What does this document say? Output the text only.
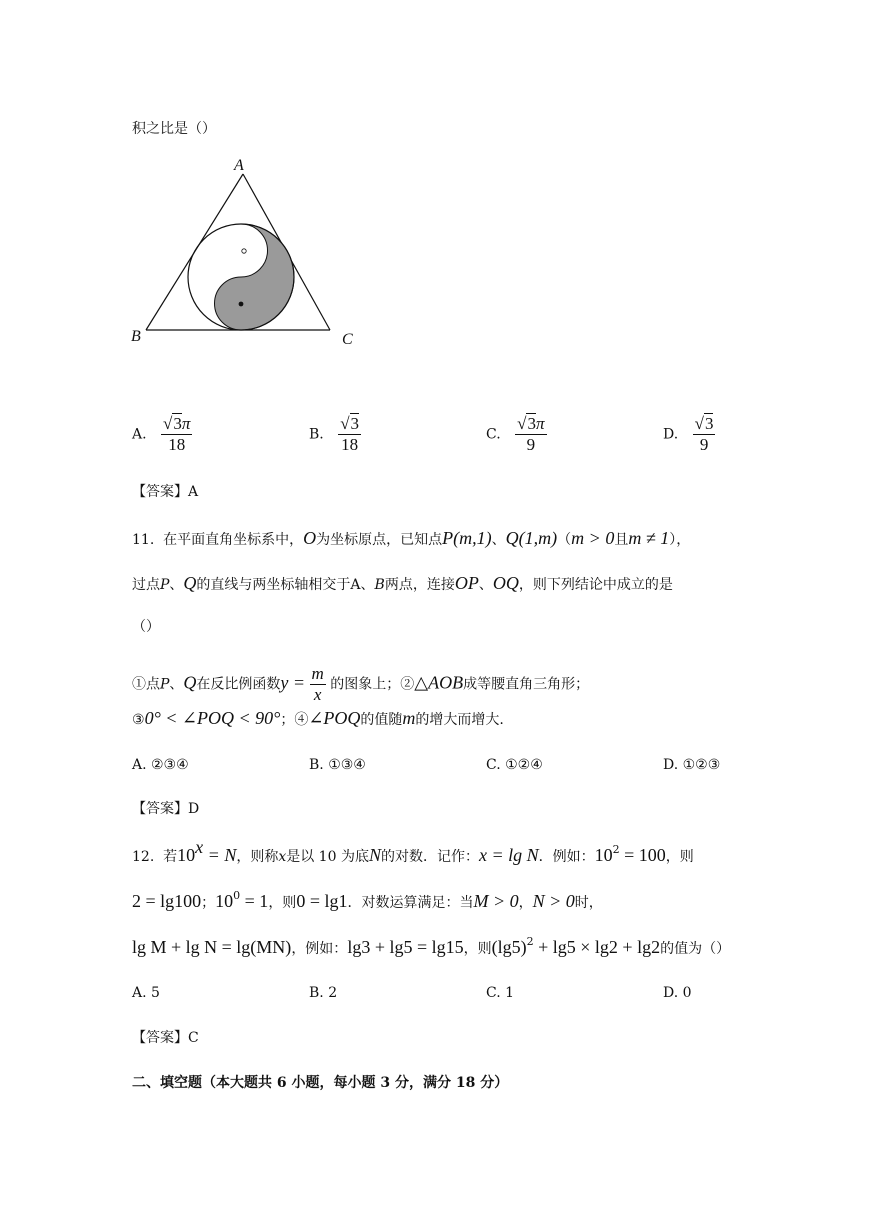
积之比是（）
A
B	C
A. $\frac{√3\pi}{18}$	B. $\frac{√3}{18}$	C. $\frac{√3\pi}{9}$	D. $\frac{√3}{9}$
【答案】A
11. 在平面直角坐标系中，O为坐标原点，已知点P(m,1)、Q(1,m)（m > 0且m ≠ 1），
过点P、Q的直线与两坐标轴相交于A、B两点，连接OP、OQ，则下列结论中成立的是
（）
①点P、Q在反比例函数$y = \frac{m}{x}$ 的图象上；②△AOB成等腰直角三角形；
③0° < ∠POQ < 90°；④∠POQ的值随m的增大而增大.
A. ②③④	B. ①③④	C. ①②④	D. ①②③
【答案】D
12. 若$10^x = N$，则称x是以 10 为底N的对数．记作：x = lg N．例如：$10^2 = 100$，则
2 = lg100；$10^0 = 1$，则0 = lg1．对数运算满足：当M > 0，N > 0时，
lg M + lg N = lg(MN)，例如：lg3 + lg5 = lg15，则$(\lg 5)^2 + \lg 5 \times \lg 2 + \lg 2$的值为（）
A. 5	B. 2	C. 1	D. 0
【答案】C
二、填空题（本大题共 6 小题，每小题 3 分，满分 18 分）
